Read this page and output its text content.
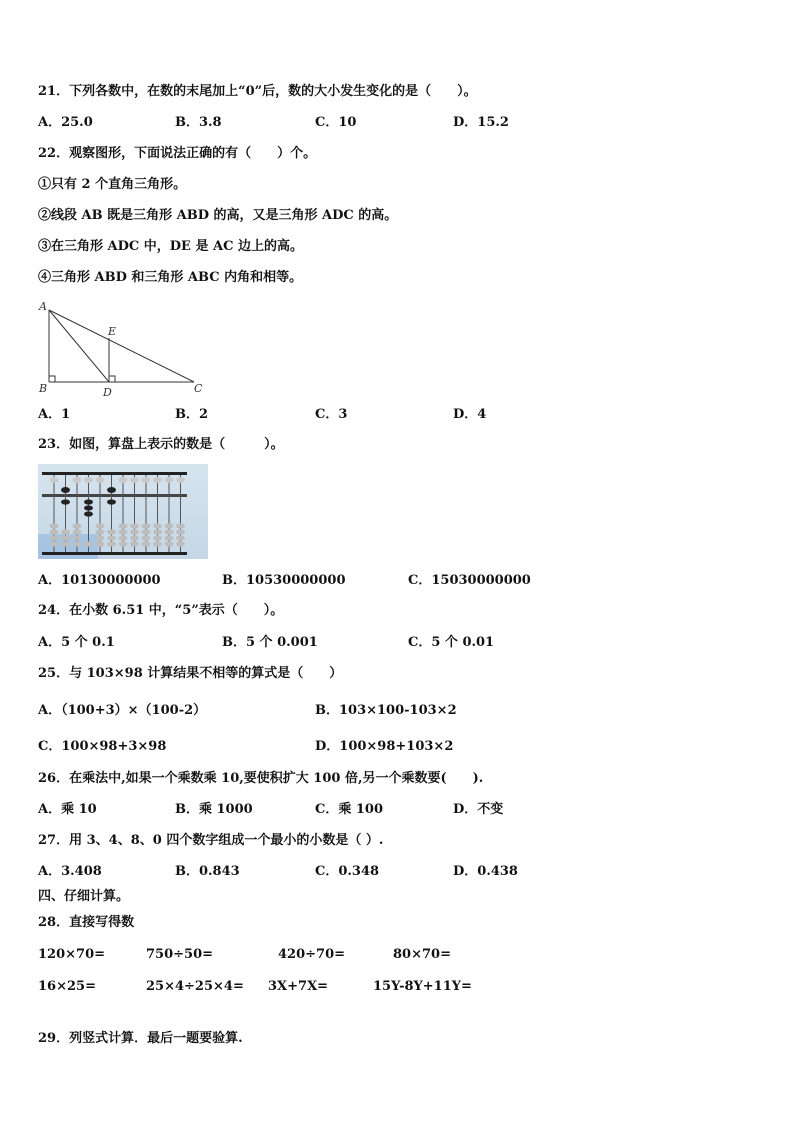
21．下列各数中，在数的末尾加上“0”后，数的大小发生变化的是（　　）。
A．25.0	B．3.8	C．10	D．15.2
22．观察图形，下面说法正确的有（　　）个。
①只有 2 个直角三角形。
②线段 AB 既是三角形 ABD 的高，又是三角形 ADC 的高。
③在三角形 ADC 中，DE 是 AC 边上的高。
④三角形 ABD 和三角形 ABC 内角和相等。
A
E
B	D	C
A．1	B．2	C．3	D．4
23．如图，算盘上表示的数是（　　　）。
A．10130000000	B．10530000000	C．15030000000
24．在小数 6.51 中，“5”表示（　　）。
A．5 个 0.1	B．5 个 0.001	C．5 个 0.01
25．与 103×98 计算结果不相等的算式是（　　）
A．（100+3）×（100-2）	B．103×100-103×2
C．100×98+3×98	D．100×98+103×2
26．在乘法中,如果一个乘数乘 10,要使积扩大 100 倍,另一个乘数要(　　).
A．乘 10	B．乘 1000	C．乘 100	D．不变
27．用 3、4、8、0 四个数字组成一个最小的小数是（ ）.
A．3.408	B．0.843	C．0.348	D．0.438
四、仔细计算。
28．直接写得数
120×70=	750÷50=	420÷70=	80×70=
16×25=	25×4÷25×4= 3X+7X=	15Y-8Y+11Y=
29．列竖式计算．最后一题要验算.
